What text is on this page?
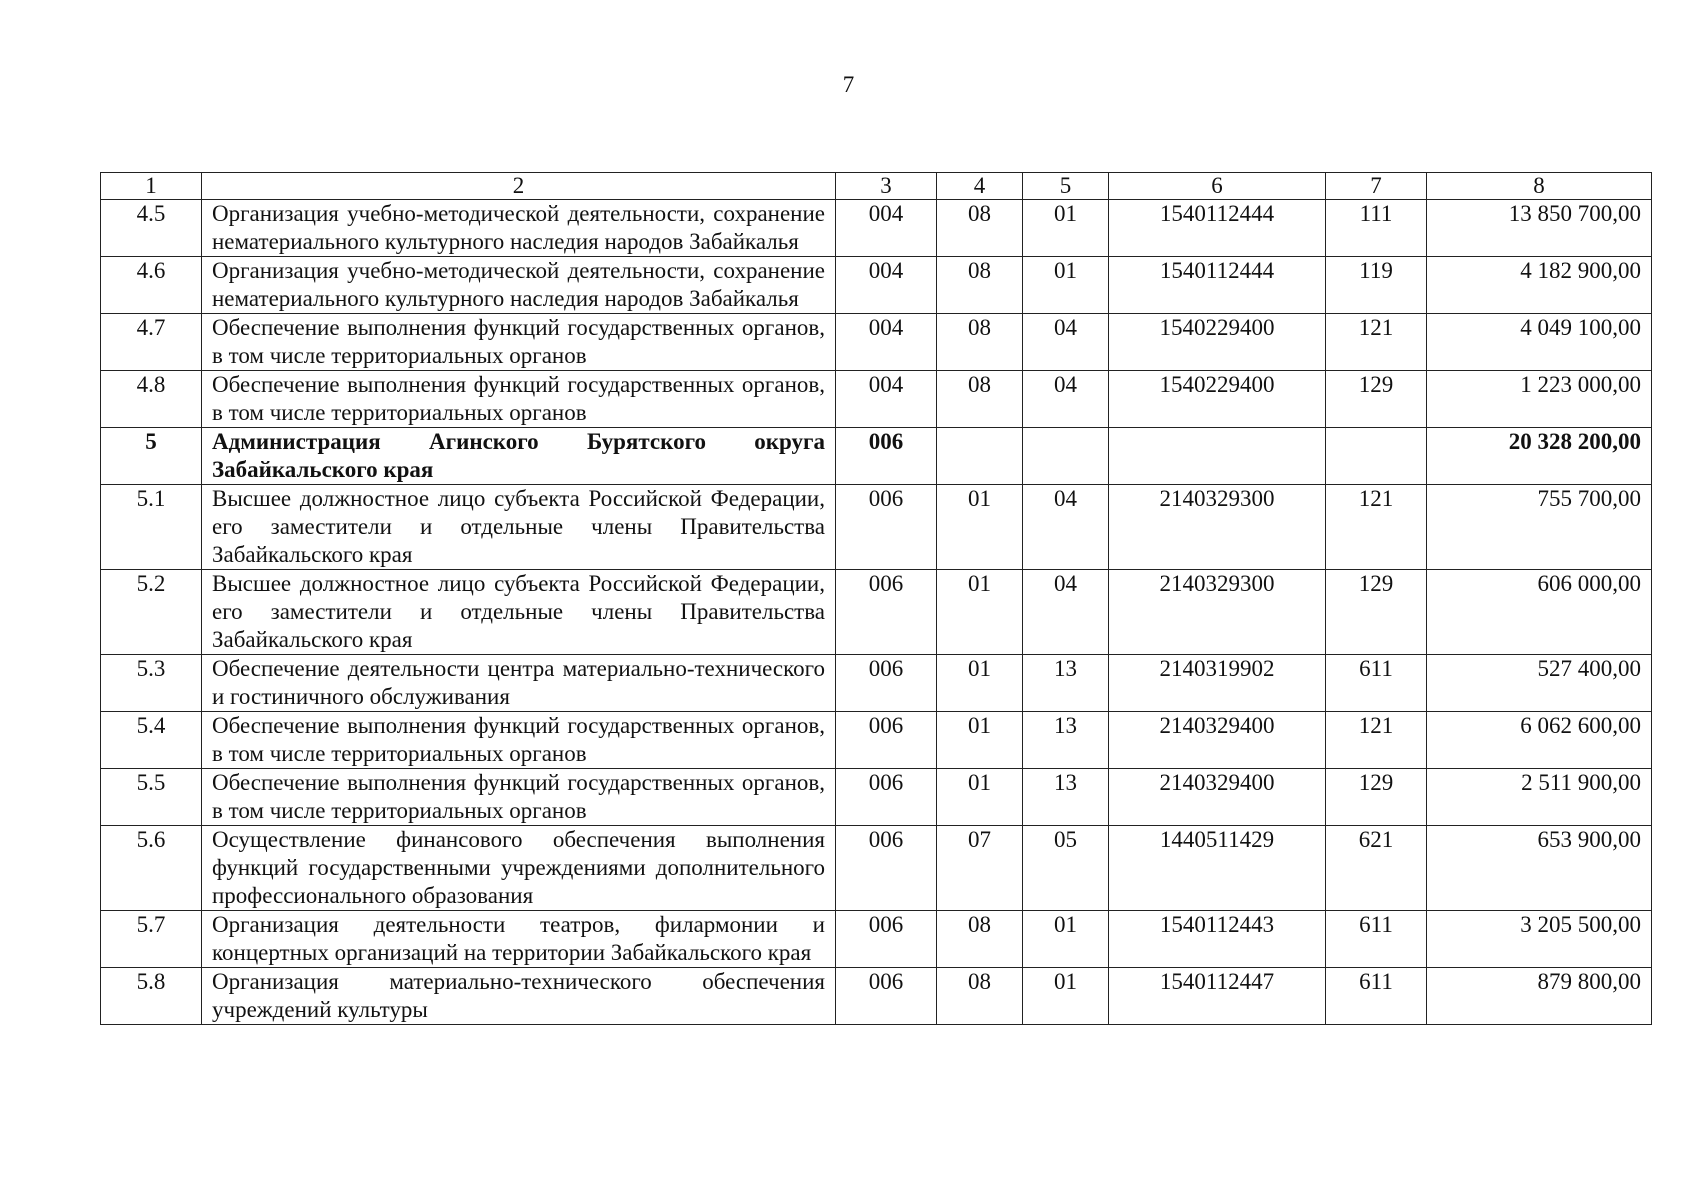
7
1	2	3	4	5	6	7	8
4.5	Организация учебно-методической деятельности, сохранение нематериального культурного наследия народов Забайкалья	004	08	01	1540112444	111	13 850 700,00
4.6	Организация учебно-методической деятельности, сохранение нематериального культурного наследия народов Забайкалья	004	08	01	1540112444	119	4 182 900,00
4.7	Обеспечение выполнения функций государственных органов, в том числе территориальных органов	004	08	04	1540229400	121	4 049 100,00
4.8	Обеспечение выполнения функций государственных органов, в том числе территориальных органов	004	08	04	1540229400	129	1 223 000,00
5	Администрация Агинского Бурятского округа Забайкальского края	006					20 328 200,00
5.1	Высшее должностное лицо субъекта Российской Федерации, его заместители и отдельные члены Правительства Забайкальского края	006	01	04	2140329300	121	755 700,00
5.2	Высшее должностное лицо субъекта Российской Федерации, его заместители и отдельные члены Правительства Забайкальского края	006	01	04	2140329300	129	606 000,00
5.3	Обеспечение деятельности центра материально-технического и гостиничного обслуживания	006	01	13	2140319902	611	527 400,00
5.4	Обеспечение выполнения функций государственных органов, в том числе территориальных органов	006	01	13	2140329400	121	6 062 600,00
5.5	Обеспечение выполнения функций государственных органов, в том числе территориальных органов	006	01	13	2140329400	129	2 511 900,00
5.6	Осуществление финансового обеспечения выполнения функций государственными учреждениями дополнительного профессионального образования	006	07	05	1440511429	621	653 900,00
5.7	Организация деятельности театров, филармонии и концертных организаций на территории Забайкальского края	006	08	01	1540112443	611	3 205 500,00
5.8	Организация материально-технического обеспечения учреждений культуры	006	08	01	1540112447	611	879 800,00
